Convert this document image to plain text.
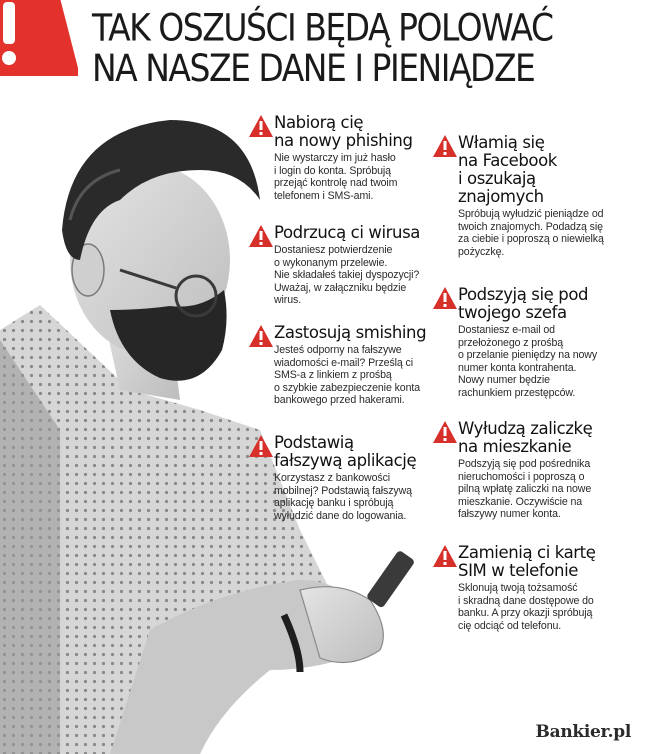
TAK OSZUŚCI BĘDĄ POLOWAĆ
NA NASZE DANE I PIENIĄDZE
Nabiorą cię
na nowy phishing

Nie wystarczy im już hasło
i login do konta. Spróbują
przejąć kontrolę nad twoim
telefonem i SMS-ami.

Podrzucą ci wirusa

Dostaniesz potwierdzenie
o wykonanym przelewie.
Nie składałeś takiej dyspozycji?
Uważaj, w załączniku będzie
wirus.

Zastosują smishing

Jesteś odporny na fałszywe
wiadomości e-mail? Prześlą ci
SMS-a z linkiem z prośbą
o szybkie zabezpieczenie konta
bankowego przed hakerami.

Podstawią
fałszywą aplikację

Korzystasz z bankowości
mobilnej? Podstawią fałszywą
aplikację banku i spróbują
wyłudzić dane do logowania.

Włamią się
na Facebook
i oszukają
znajomych

Spróbują wyłudzić pieniądze od
twoich znajomych. Podadzą się
za ciebie i poproszą o niewielką
pożyczkę.

Podszyją się pod
twojego szefa

Dostaniesz e-mail od
przełożonego z prośbą
o przelanie pieniędzy na nowy
numer konta kontrahenta.
Nowy numer będzie
rachunkiem przestępców.

Wyłudzą zaliczkę
na mieszkanie

Podszyją się pod pośrednika
nieruchomości i poproszą o
pilną wpłatę zaliczki na nowe
mieszkanie. Oczywiście na
fałszywy numer konta.

Zamienią ci kartę
SIM w telefonie

Sklonują twoją tożsamość
i skradną dane dostępowe do
banku. A przy okazji spróbują
cię odciąć od telefonu.

Bankier.pl
